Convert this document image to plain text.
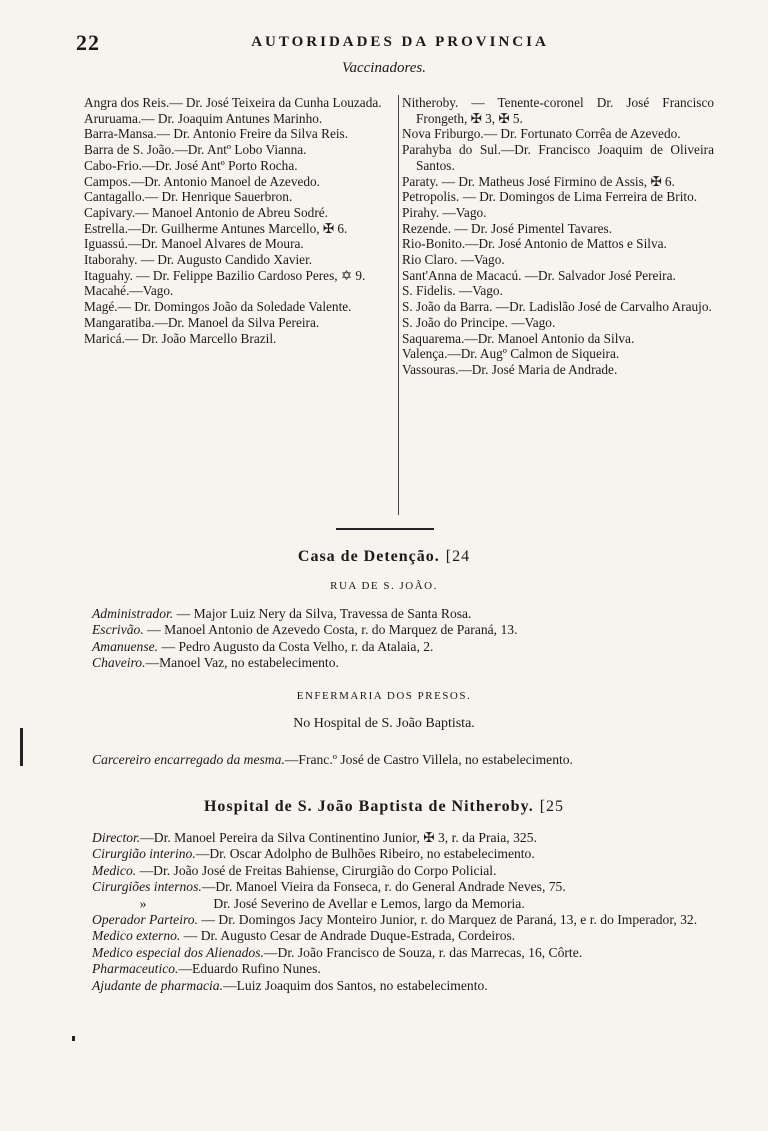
22	AUTORIDADES DA PROVINCIA
Vaccinadores.

Angra dos Reis.— Dr. José Teixeira da Cunha Louzada.

Aruruama.— Dr. Joaquim Antunes Marinho.

Barra-Mansa.— Dr. Antonio Freire da Silva Reis.

Barra de S. João.—Dr. Antº Lobo Vianna.

Cabo-Frio.—Dr. José Antº Porto Rocha.

Campos.—Dr. Antonio Manoel de Azevedo.

Cantagallo.— Dr. Henrique Sauerbron.

Capivary.— Manoel Antonio de Abreu Sodré.

Estrella.—Dr. Guilherme Antunes Marcello, ✠ 6.

Iguassú.—Dr. Manoel Alvares de Moura.

Itaborahy. — Dr. Augusto Candido Xavier.

Itaguahy. — Dr. Felippe Bazilio Cardoso Peres, ✡ 9.

Macahé.—Vago.

Magé.— Dr. Domingos João da Soledade Valente.

Mangaratiba.—Dr. Manoel da Silva Pereira.

Maricá.— Dr. João Marcello Brazil.

Nitheroby. — Tenente-coronel Dr. José Francisco Frongeth, ✠ 3, ✠ 5.

Nova Friburgo.— Dr. Fortunato Corrêa de Azevedo.

Parahyba do Sul.—Dr. Francisco Joaquim de Oliveira Santos.

Paraty. — Dr. Matheus José Firmino de Assis, ✠ 6.

Petropolis. — Dr. Domingos de Lima Ferreira de Brito.

Pirahy. —Vago.

Rezende. — Dr. José Pimentel Tavares.

Rio-Bonito.—Dr. José Antonio de Mattos e Silva.

Rio Claro. —Vago.

Sant'Anna de Macacú. —Dr. Salvador José Pereira.

S. Fidelis. —Vago.

S. João da Barra. —Dr. Ladislão José de Carvalho Araujo.

S. João do Principe. —Vago.

Saquarema.—Dr. Manoel Antonio da Silva.

Valença.—Dr. Augº Calmon de Siqueira.

Vassouras.—Dr. José Maria de Andrade.

Casa de Detenção. [24
RUA DE S. JOÃO.

Administrador. — Major Luiz Nery da Silva, Travessa de Santa Rosa.

Escrivão. — Manoel Antonio de Azevedo Costa, r. do Marquez de Paraná, 13.

Amanuense. — Pedro Augusto da Costa Velho, r. da Atalaia, 2.

Chaveiro.—Manoel Vaz, no estabelecimento.

ENFERMARIA DOS PRESOS.
No Hospital de S. João Baptista.

Carcereiro encarregado da mesma.—Franc.º José de Castro Villela, no estabelecimento.

Hospital de S. João Baptista de Nitheroby. [25

Director.—Dr. Manoel Pereira da Silva Continentino Junior, ✠ 3, r. da Praia, 325.

Cirurgião interino.—Dr. Oscar Adolpho de Bulhões Ribeiro, no estabelecimento.

Medico. —Dr. João José de Freitas Bahiense, Cirurgião do Corpo Policial.

Cirurgiões internos.—Dr. Manoel Vieira da Fonseca, r. do General Andrade Neves, 75.

»	Dr. José Severino de Avellar e Lemos, largo da Memoria.

Operador Parteiro. — Dr. Domingos Jacy Monteiro Junior, r. do Marquez de Paraná, 13, e r. do Imperador, 32.

Medico externo. — Dr. Augusto Cesar de Andrade Duque-Estrada, Cordeiros.

Medico especial dos Alienados.—Dr. João Francisco de Souza, r. das Marrecas, 16, Côrte.

Pharmaceutico.—Eduardo Rufino Nunes.

Ajudante de pharmacia.—Luiz Joaquim dos Santos, no estabelecimento.
